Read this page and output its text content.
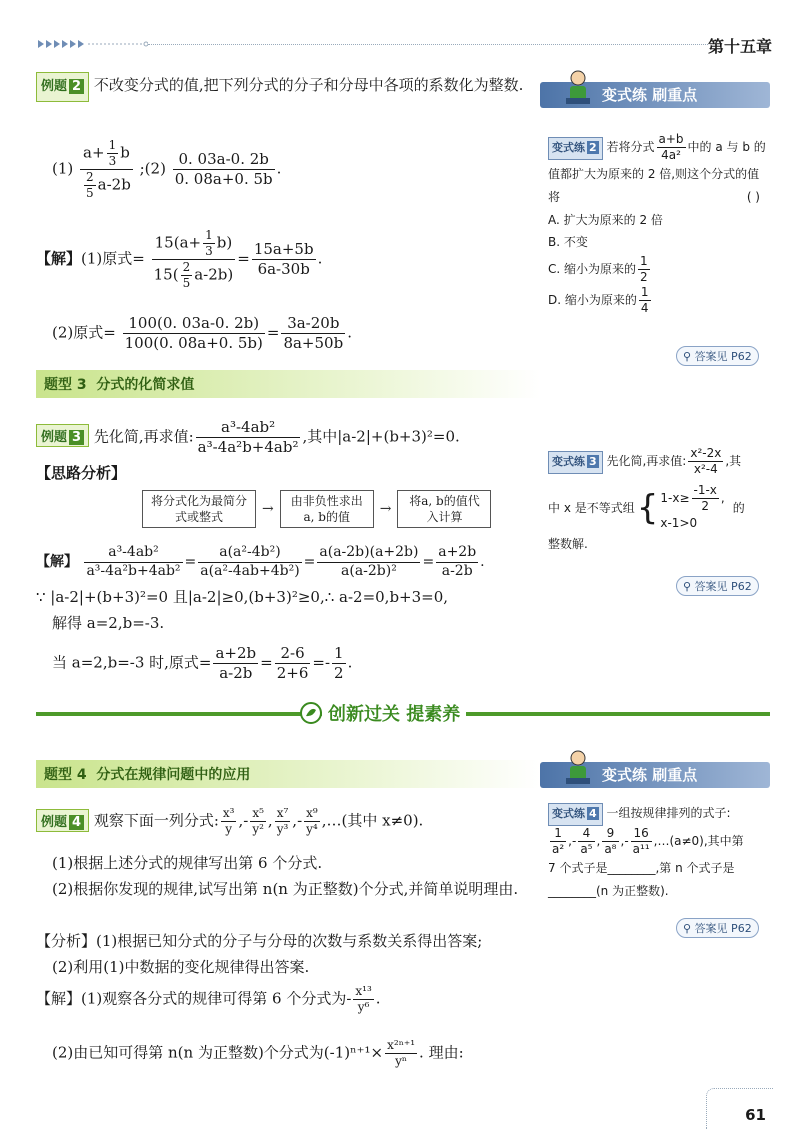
第十五章
例题 2 不改变分式的值,把下列分式的分子和分母中各项的系数化为整数.
$(1) \frac{a+ \frac{1}{3} b}{\frac{2}{5} a-2b}$ ;(2) $\frac{0. 03a-0. 2b}{0. 08a+0. 5b}$ .
【解】(1)原式= $\frac{15(a+ \frac{1}{3} b)}{15( \frac{2}{5} a-2b)} = \frac{15a+5b}{6a-30b}$ .
(2)原式= $\frac{100(0. 03a-0. 2b)}{100(0. 08a+0. 5b)} = \frac{3a-20b}{8a+50b}$ .
题型 3 分式的化简求值
例题 3 先化简,再求值: $\frac{\text{a³-4ab²}}{\text{a³-4a²b+4ab²}}$ ,其中|a-2|+(b+3)²=0.
【思路分析】
将分式化为最简分式或整式	→	由非负性求出a, b的值	→	将a, b的值代入计算
【解】 $\frac{\text{a³-4ab²}}{\text{a³-4a²b+4ab²}} = \frac{\text{a(a²-4b²)}}{\text{a(a²-4ab+4b²)}} = \frac{a(a-2b)(a+2b)}{\text{a(a-2b)²}} = \frac{a+2b}{a-2b}$ .
∵ |a-2|+(b+3)²=0 且|a-2|≥0,(b+3)²≥0,∴ a-2=0,b+3=0,
解得 a=2,b=-3.
当 a=2,b=-3 时,原式= $\frac{a+2b}{a-2b} = \frac{2-6}{2+6} =- \frac{1}{2}$ .
创新过关 提素养
题型 4 分式在规律问题中的应用
例题 4 观察下面一列分式: $\frac{\text{x³}}{y}$ ,- $\frac{\text{x⁵}}{\text{y²}}$ , $\frac{\text{x⁷}}{\text{y³}}$ ,- $\frac{\text{x⁹}}{\text{y⁴}}$ ,…(其中 x≠0).
(1)根据上述分式的规律写出第 6 个分式.
(2)根据你发现的规律,试写出第 n(n 为正整数)个分式,并简单说明理由.
【分析】(1)根据已知分式的分子与分母的次数与系数关系得出答案;
(2)利用(1)中数据的变化规律得出答案.
【解】(1)观察各分式的规律可得第 6 个分式为- $\frac{\text{x¹³}}{\text{y⁶}}$ .
(2)由已知可得第 n(n 为正整数)个分式为$(-1)^{n+1}\times \frac{\text{x²ⁿ⁺¹}}{\text{yⁿ}}$ . 理由:
变式练 刷重点
变式练 2 若将分式 $\frac{a+b}{\text{4a²}}$ 中的 a 与 b 的值都扩大为原来的 2 倍,则这个分式的值将	( )
A. 扩大为原来的 2 倍
B. 不变
C. 缩小为原来的 $\frac{1}{2}$
D. 缩小为原来的 $\frac{1}{4}$
⚲ 答案见 P62
变式练 3 先化简,再求值: $\frac{\text{x²-2x}}{\text{x²-4}}$ ,其
中 x 是不等式组 { $1-x\ge \frac{-1-x}{2}$ ,
x-1>0
的
整数解.
⚲ 答案见 P62
变式练 刷重点
变式练 4 一组按规律排列的式子:
$\frac{1}{\text{a²}}$ ,- $\frac{4}{\text{a⁵}}$ , $\frac{9}{\text{a⁸}}$ ,- $\frac{16}{\text{a¹¹}}$ ,…(a≠0),其中第
7 个式子是________,第 n 个式子是
________(n 为正整数).
⚲ 答案见 P62
61
